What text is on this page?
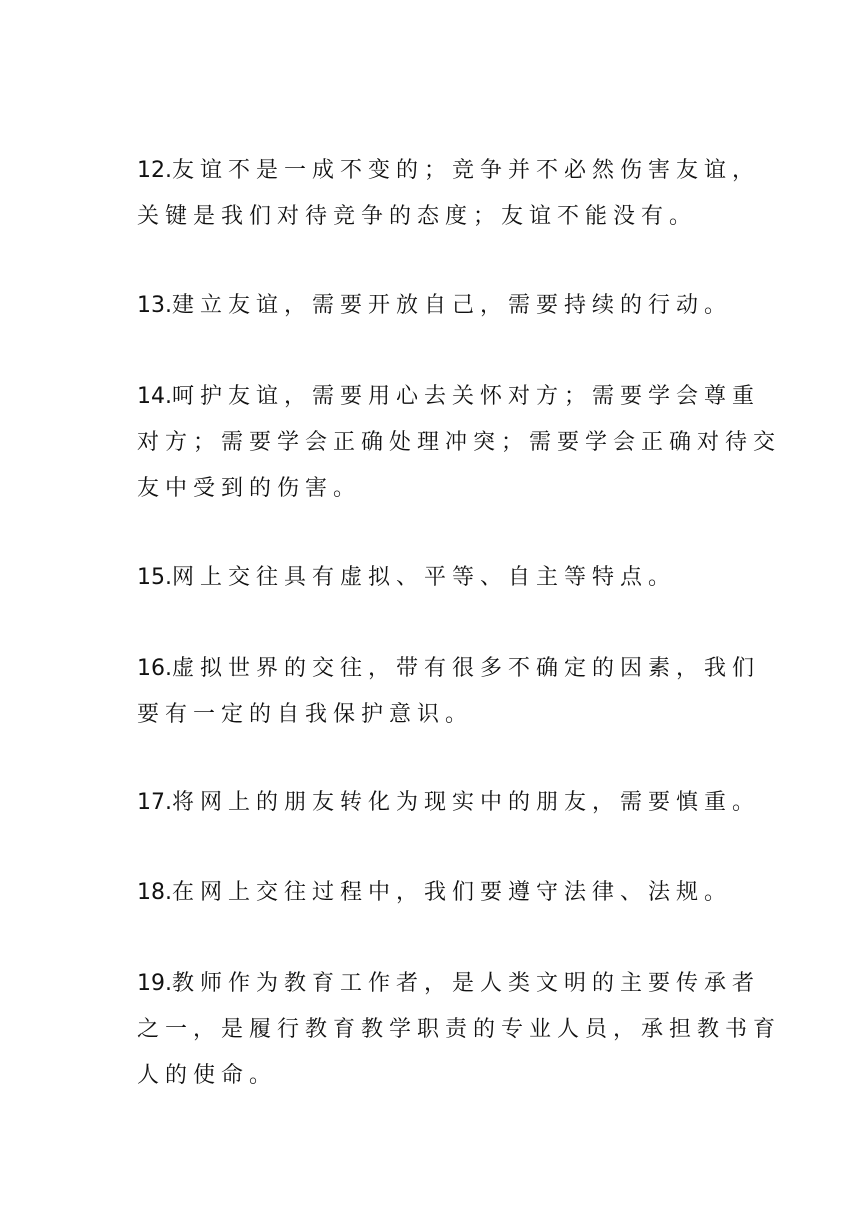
12.友谊不是一成不变的；竞争并不必然伤害友谊，
关键是我们对待竞争的态度；友谊不能没有。
13.建立友谊，需要开放自己，需要持续的行动。
14.呵护友谊，需要用心去关怀对方；需要学会尊重
对方；需要学会正确处理冲突；需要学会正确对待交
友中受到的伤害。
15.网上交往具有虚拟、平等、自主等特点。
16.虚拟世界的交往，带有很多不确定的因素，我们
要有一定的自我保护意识。
17.将网上的朋友转化为现实中的朋友，需要慎重。
18.在网上交往过程中，我们要遵守法律、法规。
19.教师作为教育工作者，是人类文明的主要传承者
之一，是履行教育教学职责的专业人员，承担教书育
人的使命。
